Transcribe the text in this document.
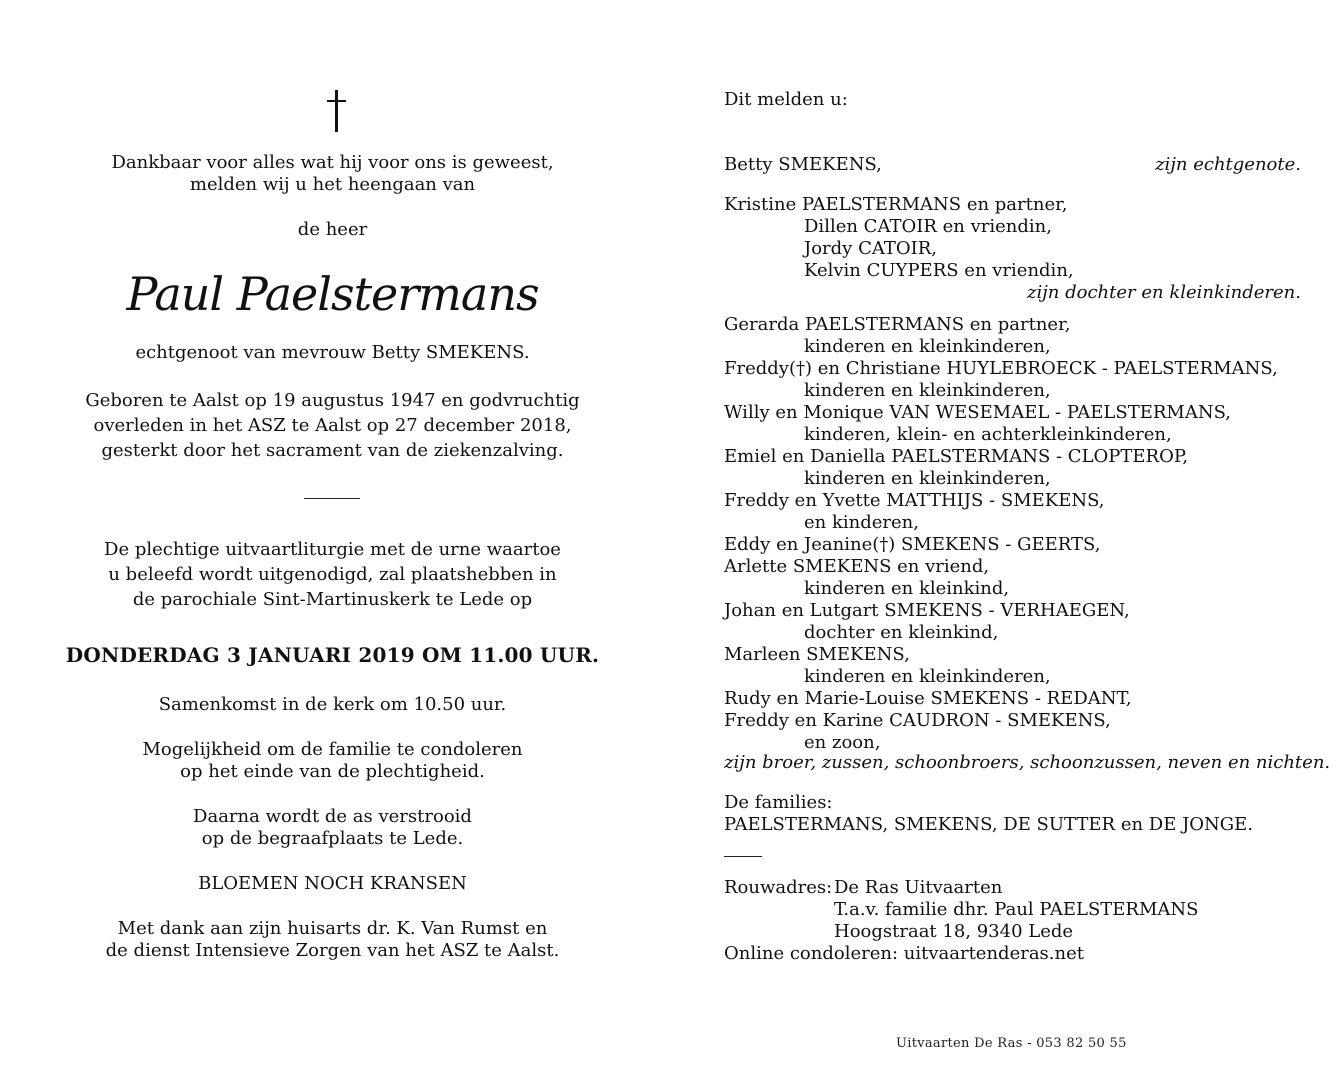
Dankbaar voor alles wat hij voor ons is geweest,

melden wij u het heengaan van

de heer

Paul Paelstermans

echtgenoot van mevrouw Betty SMEKENS.

Geboren te Aalst op 19 augustus 1947 en godvruchtig

overleden in het ASZ te Aalst op 27 december 2018,

gesterkt door het sacrament van de ziekenzalving.

De plechtige uitvaartliturgie met de urne waartoe

u beleefd wordt uitgenodigd, zal plaatshebben in

de parochiale Sint-Martinuskerk te Lede op

DONDERDAG 3 JANUARI 2019 OM 11.00 UUR.

Samenkomst in de kerk om 10.50 uur.

Mogelijkheid om de familie te condoleren

op het einde van de plechtigheid.

Daarna wordt de as verstrooid

op de begraafplaats te Lede.

BLOEMEN NOCH KRANSEN

Met dank aan zijn huisarts dr. K. Van Rumst en

de dienst Intensieve Zorgen van het ASZ te Aalst.

Dit melden u:
Betty SMEKENS,	zijn echtgenote.
Kristine PAELSTERMANS en partner,
Dillen CATOIR en vriendin,
Jordy CATOIR,
Kelvin CUYPERS en vriendin,
zijn dochter en kleinkinderen.
Gerarda PAELSTERMANS en partner,
kinderen en kleinkinderen,
Freddy(†) en Christiane HUYLEBROECK - PAELSTERMANS,
kinderen en kleinkinderen,
Willy en Monique VAN WESEMAEL - PAELSTERMANS,
kinderen, klein- en achterkleinkinderen,
Emiel en Daniella PAELSTERMANS - CLOPTEROP,
kinderen en kleinkinderen,
Freddy en Yvette MATTHIJS - SMEKENS,
en kinderen,
Eddy en Jeanine(†) SMEKENS - GEERTS,
Arlette SMEKENS en vriend,
kinderen en kleinkind,
Johan en Lutgart SMEKENS - VERHAEGEN,
dochter en kleinkind,
Marleen SMEKENS,
kinderen en kleinkinderen,
Rudy en Marie-Louise SMEKENS - REDANT,
Freddy en Karine CAUDRON - SMEKENS,
en zoon,
zijn broer, zussen, schoonbroers, schoonzussen, neven en nichten.
De families:
PAELSTERMANS, SMEKENS, DE SUTTER en DE JONGE.
Rouwadres:De Ras Uitvaarten
T.a.v. familie dhr. Paul PAELSTERMANS
Hoogstraat 18, 9340 Lede
Online condoleren: uitvaartenderas.net
Uitvaarten De Ras - 053 82 50 55
